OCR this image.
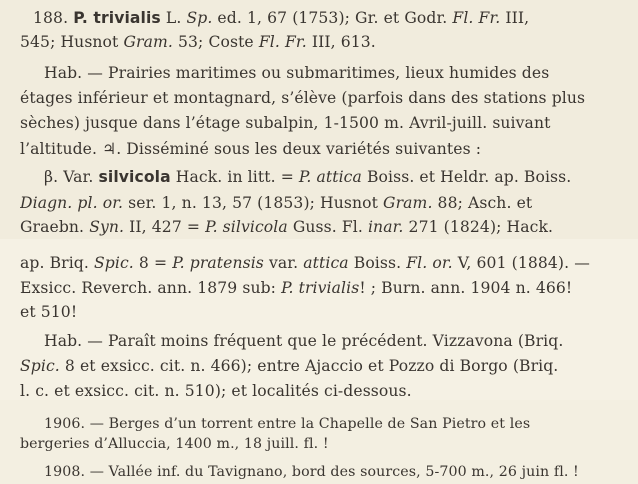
188. P. trivialis L. Sp. ed. 1, 67 (1753); Gr. et Godr. Fl. Fr. III,
545; Husnot Gram. 53; Coste Fl. Fr. III, 613.
Hab. — Prairies maritimes ou submaritimes, lieux humides des
étages inférieur et montagnard, s’élève (parfois dans des stations plus
sèches) jusque dans l’étage subalpin, 1-1500 m. Avril-juill. suivant
l’altitude. ♃. Disséminé sous les deux variétés suivantes :
β. Var. silvicola Hack. in litt. = P. attica Boiss. et Heldr. ap. Boiss.
Diagn. pl. or. ser. 1, n. 13, 57 (1853); Husnot Gram. 88; Asch. et
Graebn. Syn. II, 427 = P. silvicola Guss. Fl. inar. 271 (1824); Hack.
ap. Briq. Spic. 8 = P. pratensis var. attica Boiss. Fl. or. V, 601 (1884). —
Exsicc. Reverch. ann. 1879 sub: P. trivialis! ; Burn. ann. 1904 n. 466!
et 510!
Hab. — Paraît moins fréquent que le précédent. Vizzavona (Briq.
Spic. 8 et exsicc. cit. n. 466); entre Ajaccio et Pozzo di Borgo (Briq.
l. c. et exsicc. cit. n. 510); et localités ci-dessous.
1906. — Berges d’un torrent entre la Chapelle de San Pietro et les
bergeries d’Alluccia, 1400 m., 18 juill. fl. !
1908. — Vallée inf. du Tavignano, bord des sources, 5-700 m., 26 juin fl. !
